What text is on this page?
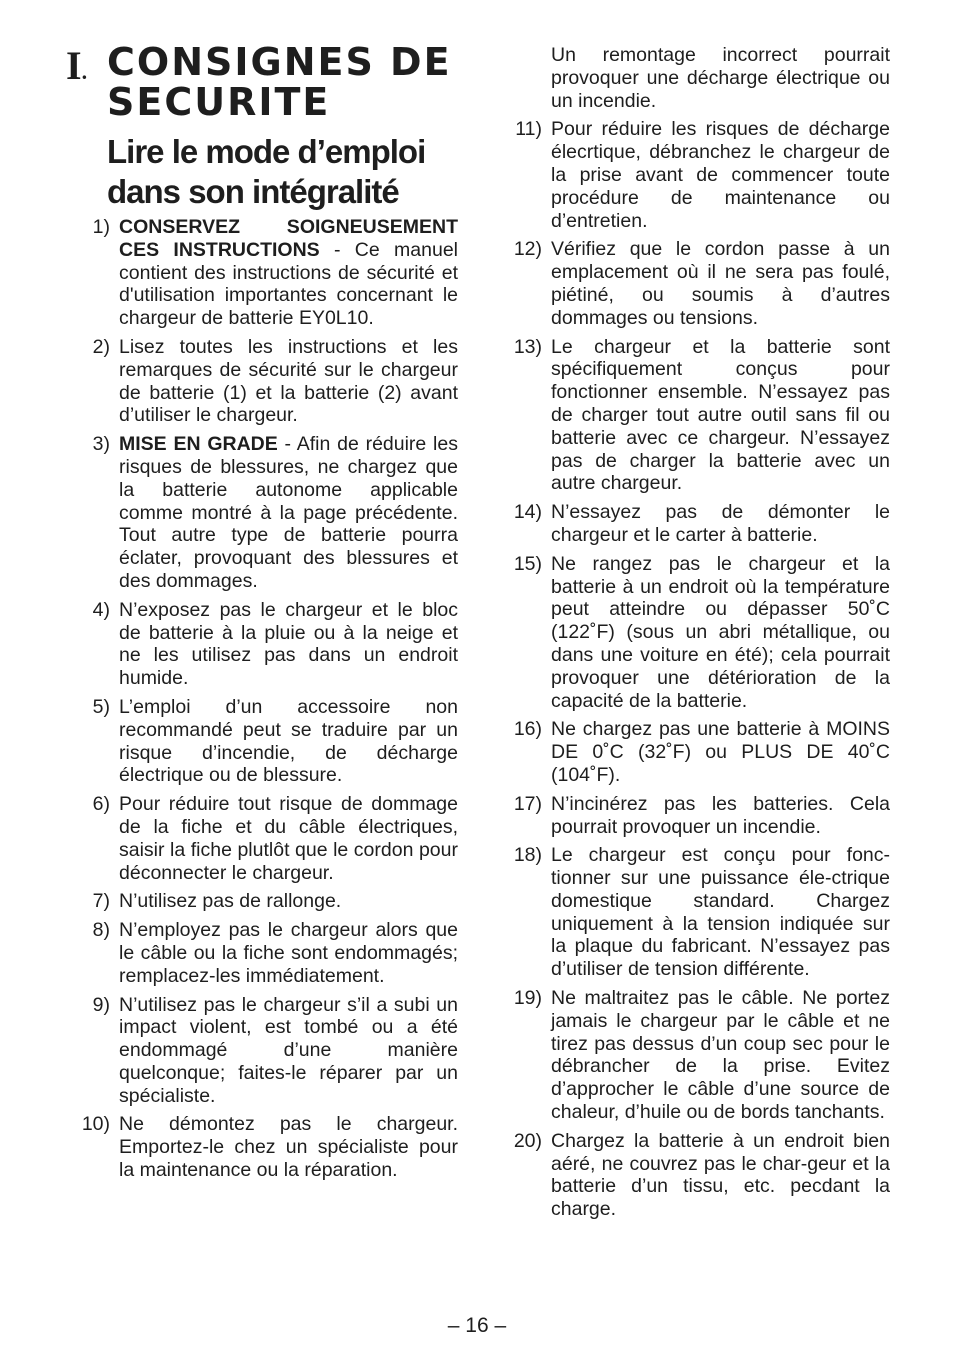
I. CONSIGNES DE
SECURITE
Lire le mode d’emploi
dans son intégralité
1) CONSERVEZ SOIGNEUSEMENT CES INSTRUCTIONS - Ce manuel contient des instructions de sécurité et d'utilisation importantes concernant le chargeur de batterie EY0L10.
2) Lisez toutes les instructions et les remarques de sécurité sur le chargeur de batterie (1) et la batterie (2) avant d’utiliser le chargeur.
3) MISE EN GRADE - Afin de réduire les risques de blessures, ne chargez que la batterie autonome applicable comme montré à la page précédente. Tout autre type de batterie pourra éclater, provoquant des blessures et des dommages.
4) N’exposez pas le chargeur et le bloc de batterie à la pluie ou à la neige et ne les utilisez pas dans un endroit humide.
5) L’emploi d’un accessoire non recommandé peut se traduire par un risque d’incendie, de décharge électrique ou de blessure.
6) Pour réduire tout risque de dommage de la fiche et du câble électriques, saisir la fiche plutlôt que le cordon pour déconnecter le chargeur.
7) N’utilisez pas de rallonge.
8) N’employez pas le chargeur alors que le câble ou la fiche sont endommagés; remplacez-les immédiatement.
9) N’utilisez pas le chargeur s’il a subi un impact violent, est tombé ou a été endommagé d’une manière quelconque; faites-le réparer par un spécialiste.
10) Ne démontez pas le chargeur. Emportez-le chez un spécialiste pour la maintenance ou la réparation.
Un remontage incorrect pourrait provoquer une décharge électrique ou un incendie.
11) Pour réduire les risques de décharge élecrtique, débranchez le chargeur de la prise avant de commencer toute procédure de maintenance ou d’entretien.
12) Vérifiez que le cordon passe à un emplacement où il ne sera pas foulé, piétiné, ou soumis à d’autres dommages ou tensions.
13) Le chargeur et la batterie sont spécifiquement conçus pour fonctionner ensemble. N’essayez pas de charger tout autre outil sans fil ou batterie avec ce chargeur. N’essayez pas de charger la batterie avec un autre chargeur.
14) N’essayez pas de démonter le chargeur et le carter à batterie.
15) Ne rangez pas le chargeur et la batterie à un endroit où la température peut atteindre ou dépasser 50˚C (122˚F) (sous un abri métallique, ou dans une voiture en été); cela pourrait provoquer une détérioration de la capacité de la batterie.
16) Ne chargez pas une batterie à MOINS DE 0˚C (32˚F) ou PLUS DE 40˚C (104˚F).
17) N’incinérez pas les batteries. Cela pourrait provoquer un incendie.
18) Le chargeur est conçu pour fonc-tionner sur une puissance éle-ctrique domestique standard. Chargez uniquement à la tension indiquée sur la plaque du fabricant. N’essayez pas d’utiliser de tension différente.
19) Ne maltraitez pas le câble. Ne portez jamais le chargeur par le câble et ne tirez pas dessus d’un coup sec pour le débrancher de la prise. Evitez d’approcher le câble d’une source de chaleur, d’huile ou de bords tanchants.
20) Chargez la batterie à un endroit bien aéré, ne couvrez pas le char-geur et la batterie d’un tissu, etc. pecdant la charge.
– 16 –
